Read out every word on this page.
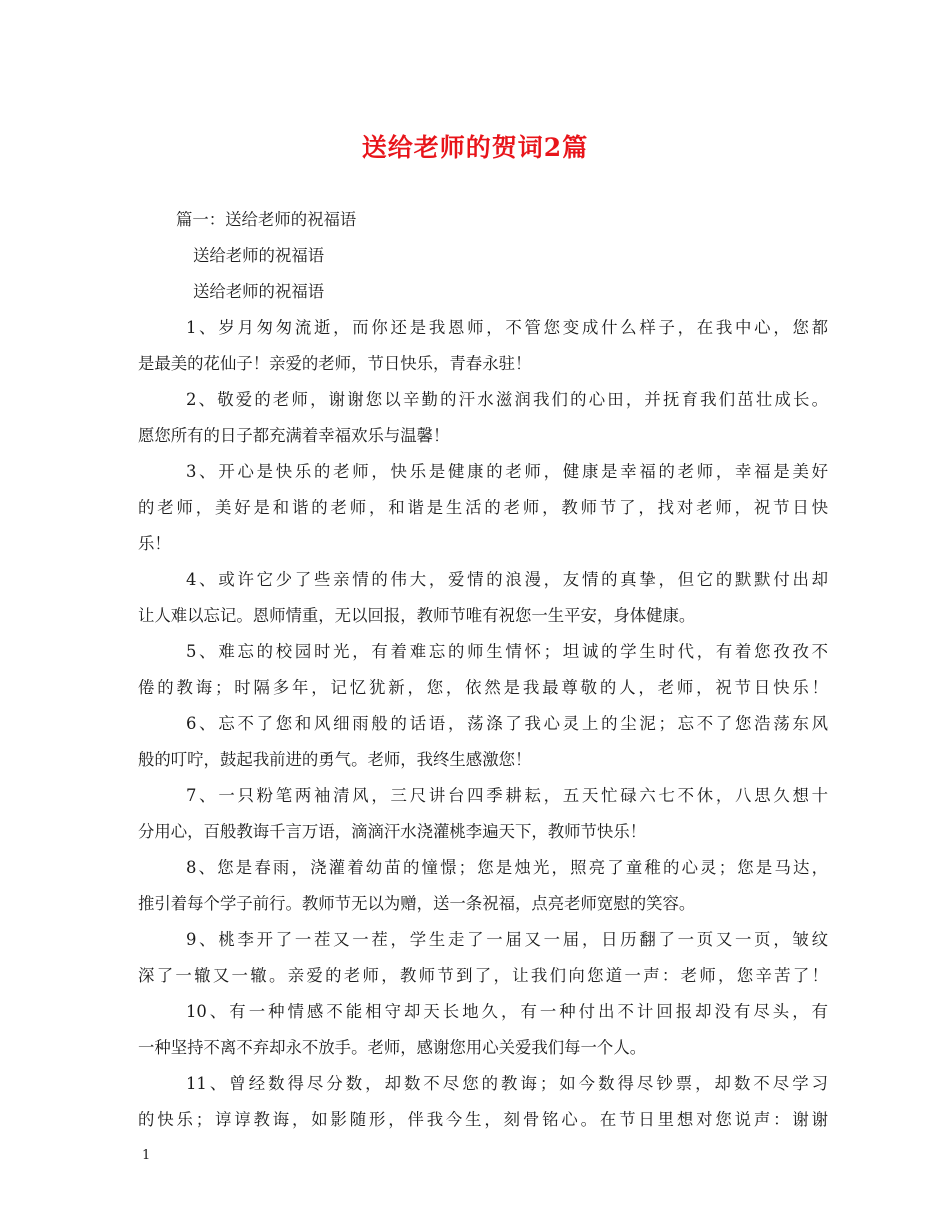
送给老师的贺词2篇
篇一：送给老师的祝福语
送给老师的祝福语
送给老师的祝福语
1、岁月匆匆流逝，而你还是我恩师，不管您变成什么样子，在我中心，您都
是最美的花仙子！亲爱的老师，节日快乐，青春永驻！
2、敬爱的老师，谢谢您以辛勤的汗水滋润我们的心田，并抚育我们茁壮成长。
愿您所有的日子都充满着幸福欢乐与温馨！
3、开心是快乐的老师，快乐是健康的老师，健康是幸福的老师，幸福是美好
的老师，美好是和谐的老师，和谐是生活的老师，教师节了，找对老师，祝节日快
乐！
4、或许它少了些亲情的伟大，爱情的浪漫，友情的真挚，但它的默默付出却
让人难以忘记。恩师情重，无以回报，教师节唯有祝您一生平安，身体健康。
5、难忘的校园时光，有着难忘的师生情怀；坦诚的学生时代，有着您孜孜不
倦的教诲；时隔多年，记忆犹新，您，依然是我最尊敬的人，老师，祝节日快乐！
6、忘不了您和风细雨般的话语，荡涤了我心灵上的尘泥；忘不了您浩荡东风
般的叮咛，鼓起我前进的勇气。老师，我终生感激您！
7、一只粉笔两袖清风，三尺讲台四季耕耘，五天忙碌六七不休，八思久想十
分用心，百般教诲千言万语，滴滴汗水浇灌桃李遍天下，教师节快乐！
8、您是春雨，浇灌着幼苗的憧憬；您是烛光，照亮了童稚的心灵；您是马达，
推引着每个学子前行。教师节无以为赠，送一条祝福，点亮老师宽慰的笑容。
9、桃李开了一茬又一茬，学生走了一届又一届，日历翻了一页又一页，皱纹
深了一辙又一辙。亲爱的老师，教师节到了，让我们向您道一声：老师，您辛苦了！
10、有一种情感不能相守却天长地久，有一种付出不计回报却没有尽头，有
一种坚持不离不弃却永不放手。老师，感谢您用心关爱我们每一个人。
11、曾经数得尽分数，却数不尽您的教诲；如今数得尽钞票，却数不尽学习
的快乐；谆谆教诲，如影随形，伴我今生，刻骨铭心。在节日里想对您说声：谢谢
1
